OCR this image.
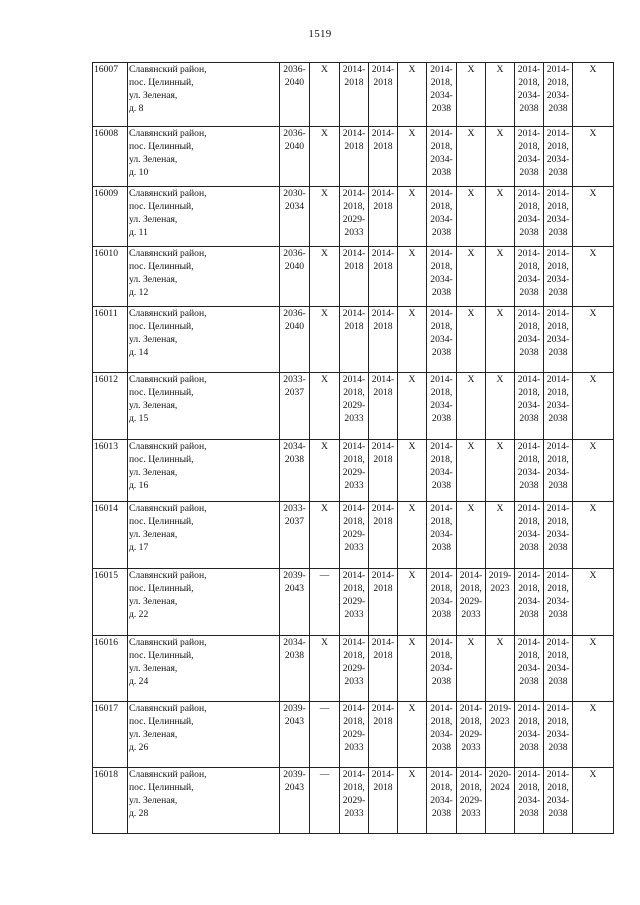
1519
16007	Славянский район,
пос. Целинный,
ул. Зеленая,
д. 8	2036-
2040	X	2014-
2018	2014-
2018	X	2014-
2018,
2034-
2038	X	X	2014-
2018,
2034-
2038	2014-
2018,
2034-
2038	X
16008	Славянский район,
пос. Целинный,
ул. Зеленая,
д. 10	2036-
2040	X	2014-
2018	2014-
2018	X	2014-
2018,
2034-
2038	X	X	2014-
2018,
2034-
2038	2014-
2018,
2034-
2038	X
16009	Славянский район,
пос. Целинный,
ул. Зеленая,
д. 11	2030-
2034	X	2014-
2018,
2029-
2033	2014-
2018	X	2014-
2018,
2034-
2038	X	X	2014-
2018,
2034-
2038	2014-
2018,
2034-
2038	X
16010	Славянский район,
пос. Целинный,
ул. Зеленая,
д. 12	2036-
2040	X	2014-
2018	2014-
2018	X	2014-
2018,
2034-
2038	X	X	2014-
2018,
2034-
2038	2014-
2018,
2034-
2038	X
16011	Славянский район,
пос. Целинный,
ул. Зеленая,
д. 14	2036-
2040	X	2014-
2018	2014-
2018	X	2014-
2018,
2034-
2038	X	X	2014-
2018,
2034-
2038	2014-
2018,
2034-
2038	X
16012	Славянский район,
пос. Целинный,
ул. Зеленая,
д. 15	2033-
2037	X	2014-
2018,
2029-
2033	2014-
2018	X	2014-
2018,
2034-
2038	X	X	2014-
2018,
2034-
2038	2014-
2018,
2034-
2038	X
16013	Славянский район,
пос. Целинный,
ул. Зеленая,
д. 16	2034-
2038	X	2014-
2018,
2029-
2033	2014-
2018	X	2014-
2018,
2034-
2038	X	X	2014-
2018,
2034-
2038	2014-
2018,
2034-
2038	X
16014	Славянский район,
пос. Целинный,
ул. Зеленая,
д. 17	2033-
2037	X	2014-
2018,
2029-
2033	2014-
2018	X	2014-
2018,
2034-
2038	X	X	2014-
2018,
2034-
2038	2014-
2018,
2034-
2038	X
16015	Славянский район,
пос. Целинный,
ул. Зеленая,
д. 22	2039-
2043	—	2014-
2018,
2029-
2033	2014-
2018	X	2014-
2018,
2034-
2038	2014-
2018,
2029-
2033	2019-
2023	2014-
2018,
2034-
2038	2014-
2018,
2034-
2038	X
16016	Славянский район,
пос. Целинный,
ул. Зеленая,
д. 24	2034-
2038	X	2014-
2018,
2029-
2033	2014-
2018	X	2014-
2018,
2034-
2038	X	X	2014-
2018,
2034-
2038	2014-
2018,
2034-
2038	X
16017	Славянский район,
пос. Целинный,
ул. Зеленая,
д. 26	2039-
2043	—	2014-
2018,
2029-
2033	2014-
2018	X	2014-
2018,
2034-
2038	2014-
2018,
2029-
2033	2019-
2023	2014-
2018,
2034-
2038	2014-
2018,
2034-
2038	X
16018	Славянский район,
пос. Целинный,
ул. Зеленая,
д. 28	2039-
2043	—	2014-
2018,
2029-
2033	2014-
2018	X	2014-
2018,
2034-
2038	2014-
2018,
2029-
2033	2020-
2024	2014-
2018,
2034-
2038	2014-
2018,
2034-
2038	X
